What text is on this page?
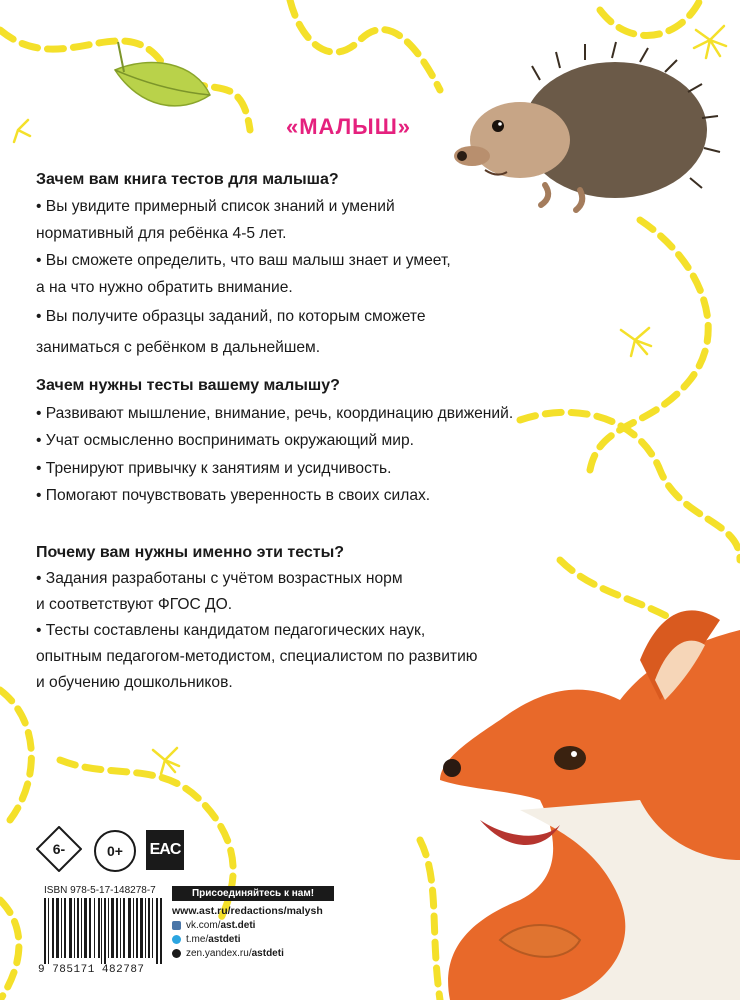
«МАЛЫШ»
Зачем вам книга тестов для малыша?

• Вы увидите примерный список знаний и умений

нормативный для ребёнка 4-5 лет.

• Вы сможете определить, что ваш малыш знает и умеет,

а на что нужно обратить внимание.

• Вы получите образцы заданий, по которым сможете

заниматься с ребёнком в дальнейшем.

Зачем нужны тесты вашему малышу?

• Развивают мышление, внимание, речь, координацию движений.

• Учат осмысленно воспринимать окружающий мир.

• Тренируют привычку к занятиям и усидчивость.

• Помогают почувствовать уверенность в своих силах.

Почему вам нужны именно эти тесты?

• Задания разработаны с учётом возрастных норм

и соответствуют ФГОС ДО.

• Тесты составлены кандидатом педагогических наук,

опытным педагогом-методистом, специалистом по развитию

и обучению дошкольников.

6-	0+	EAC
ISBN 978-5-17-148278-7
9 785171 482787
Присоединяйтесь к нам!
www.ast.ru/redactions/malysh
vk.com/ ast.deti
t.me/ astdeti
zen.yandex.ru/ astdeti
